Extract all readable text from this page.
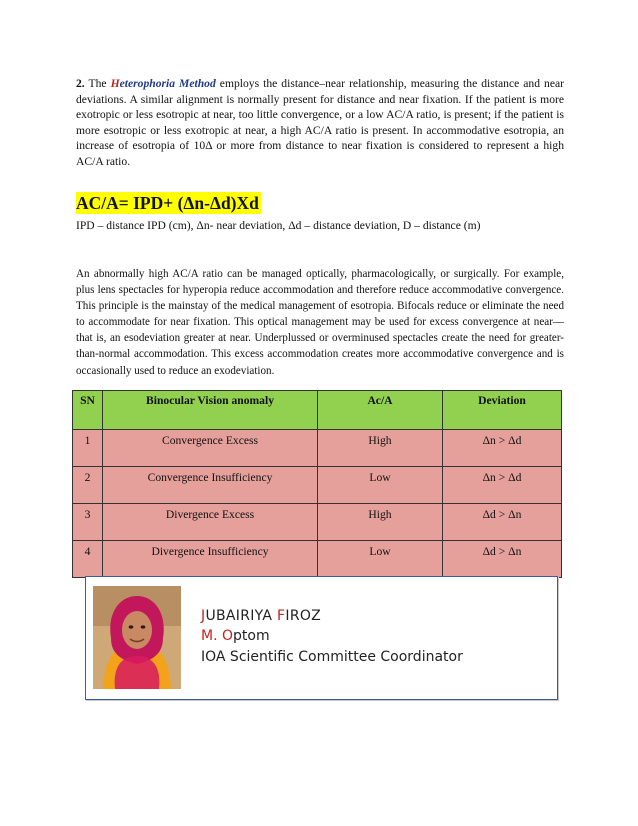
2. The Heterophoria Method employs the distance–near relationship, measuring the distance and near deviations. A similar alignment is normally present for distance and near fixation. If the patient is more exotropic or less esotropic at near, too little convergence, or a low AC/A ratio, is present; if the patient is more esotropic or less exotropic at near, a high AC/A ratio is present. In accommodative esotropia, an increase of esotropia of 10Δ or more from distance to near fixation is considered to represent a high AC/A ratio.

AC/A= IPD+ (Δn-Δd)Xd

IPD – distance IPD (cm), Δn- near deviation, Δd – distance deviation, D – distance (m)

An abnormally high AC/A ratio can be managed optically, pharmacologically, or surgically. For example, plus lens spectacles for hyperopia reduce accommodation and therefore reduce accommodative convergence. This principle is the mainstay of the medical management of esotropia. Bifocals reduce or eliminate the need to accommodate for near fixation. This optical management may be used for excess convergence at near—that is, an esodeviation greater at near. Underplussed or overminused spectacles create the need for greater-than-normal accommodation. This excess accommodation creates more accommodative convergence and is occasionally used to reduce an exodeviation.

SN	Binocular Vision anomaly	Ac/A	Deviation
1	Convergence Excess	High	Δn > Δd
2	Convergence Insufficiency	Low	Δn > Δd
3	Divergence Excess	High	Δd > Δn
4	Divergence Insufficiency	Low	Δd > Δn
JUBAIRIYA FIROZ
M. Optom
IOA Scientific Committee Coordinator
